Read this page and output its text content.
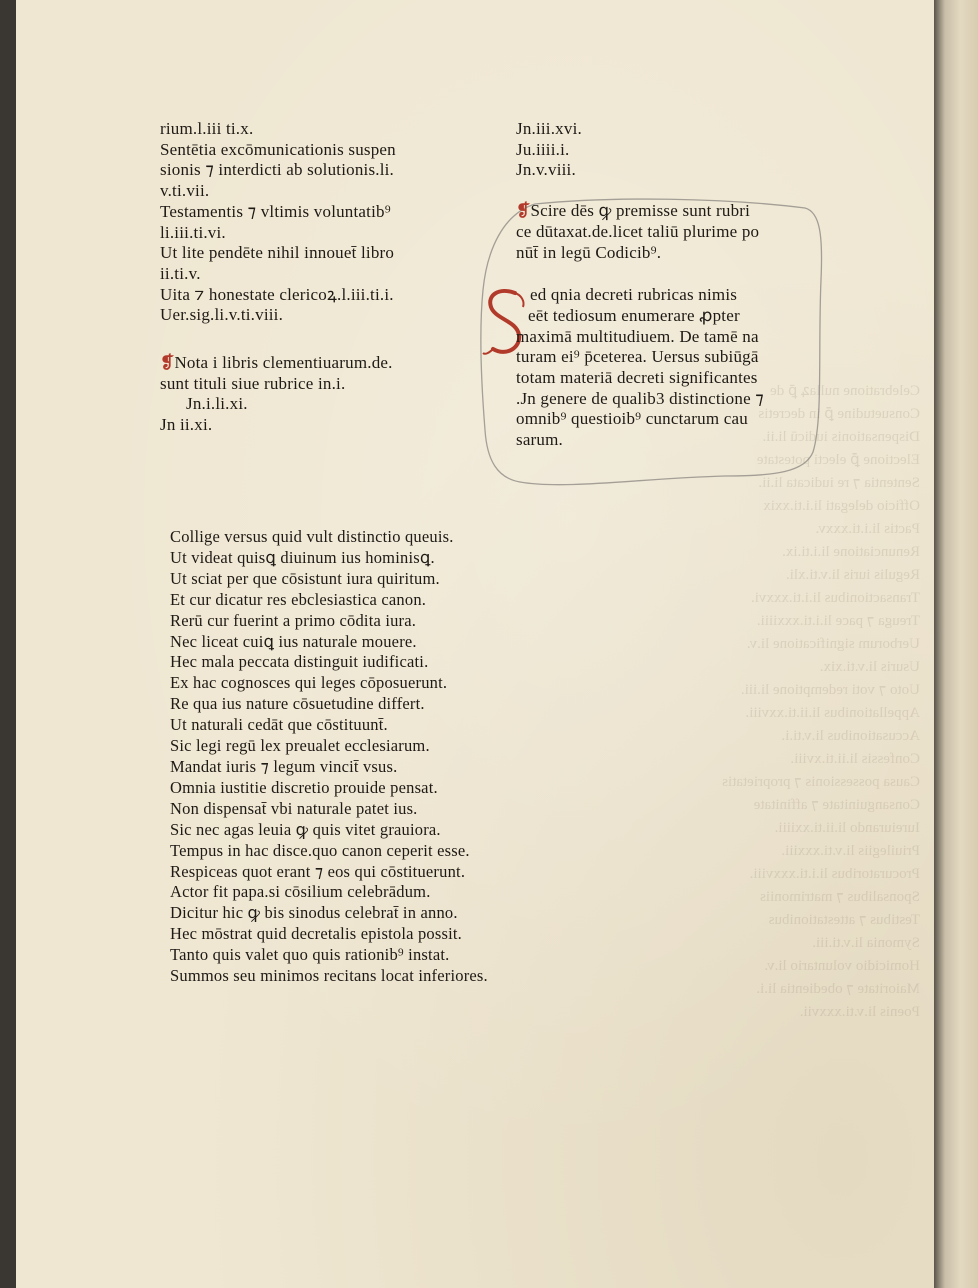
Celebratione nullaꝝ ꝑ̄ de
Consuetudine ꝑ̄ in decretis
Dispensationis iudicū li.ii.
Electione ꝑ̄ electi potestate
Sententia ⁊ re iudicata li.ii.
Officio delegati li.i.ti.xxix
Pactis li.i.ti.xxxv.
Renunciatione li.i.ti.ix.
Regulis iuris li.v.ti.xli.
Transactionibus li.i.ti.xxxvi.
Treuga ⁊ pace li.i.ti.xxxiiii.
Uerborum significatione li.v.
Usuris li.v.ti.xix.
Uoto ⁊ voti redemptione li.iii.
Appellationibus li.ii.ti.xxviii.
Accusationibus li.v.ti.i.
Confessis li.ii.ti.xviii.
Causa possessionis ⁊ proprietatis
Consanguinitate ⁊ affinitate
Iureiurando li.ii.ti.xxiiii.
Priuilegiis li.v.ti.xxxiii.
Procuratoribus li.i.ti.xxxviii.
Sponsalibus ⁊ matrimoniis
Testibus ⁊ attestationibus
Symonia li.v.ti.iii.
Homicidio voluntario li.v.
Maioritate ⁊ obedientia li.i.
Poenis li.v.ti.xxxvii.
rium.l.iii ti.x.
Sentētia excōmunicationis suspen
sionis ⁊ interdicti ab solutionis.li.
v.ti.vii.
Testamentis ⁊ vltimis voluntatib⁹
li.iii.ti.vi.
Ut lite pendēte nihil innouet̄ libro
ii.ti.v.
Uita ⁊ honestate clericoꝝ.l.iii.ti.i.
Uer.sig.li.v.ti.viii.
❡Nota i libris clementiuarum.de.
sunt tituli siue rubrice in.i.
Jn.i.li.xi.
Jn ii.xi.
Jn.iii.xvi.
Ju.iiii.i.
Jn.v.viii.
❡Scire dēs ꝙ premisse sunt rubri
ce dūtaxat.de.licet taliū plurime po
nūt̄ in legū Codicib⁹.
ed qnia decreti rubricas nimis
eēt tediosum enumerare ꝓpter
maximā multitudiuem. De tamē na
turam ei⁹ p̄ceterea. Uersus subiūgā
totam materiā decreti significantes
.Jn genere de qualib3 distinctione ⁊
omnib⁹ questioib⁹ cunctarum cau
sarum.
Collige versus quid vult distinctio queuis.
Ut videat quisꝗ diuinum ius hominisꝗ.
Ut sciat per que cōsistunt iura quiritum.
Et cur dicatur res ebclesiastica canon.
Rerū cur fuerint a primo cōdita iura.
Nec liceat cuiꝗ ius naturale mouere.
Hec mala peccata distinguit iudificati.
Ex hac cognosces qui leges cōposuerunt.
Re qua ius nature cōsuetudine differt.
Ut naturali cedāt que cōstituunt̄.
Sic legi regū lex preualet ecclesiarum.
Mandat iuris ⁊ legum vincit̄ vsus.
Omnia iustitie discretio prouide pensat.
Non dispensat̄ vbi naturale patet ius.
Sic nec agas leuia ꝙ quis vitet grauiora.
Tempus in hac disce.quo canon ceperit esse.
Respiceas quot erant ⁊ eos qui cōstituerunt.
Actor fit papa.si cōsilium celebrādum.
Dicitur hic ꝙ bis sinodus celebrat̄ in anno.
Hec mōstrat quid decretalis epistola possit.
Tanto quis valet quo quis rationib⁹ instat.
Summos seu minimos recitans locat inferiores.
